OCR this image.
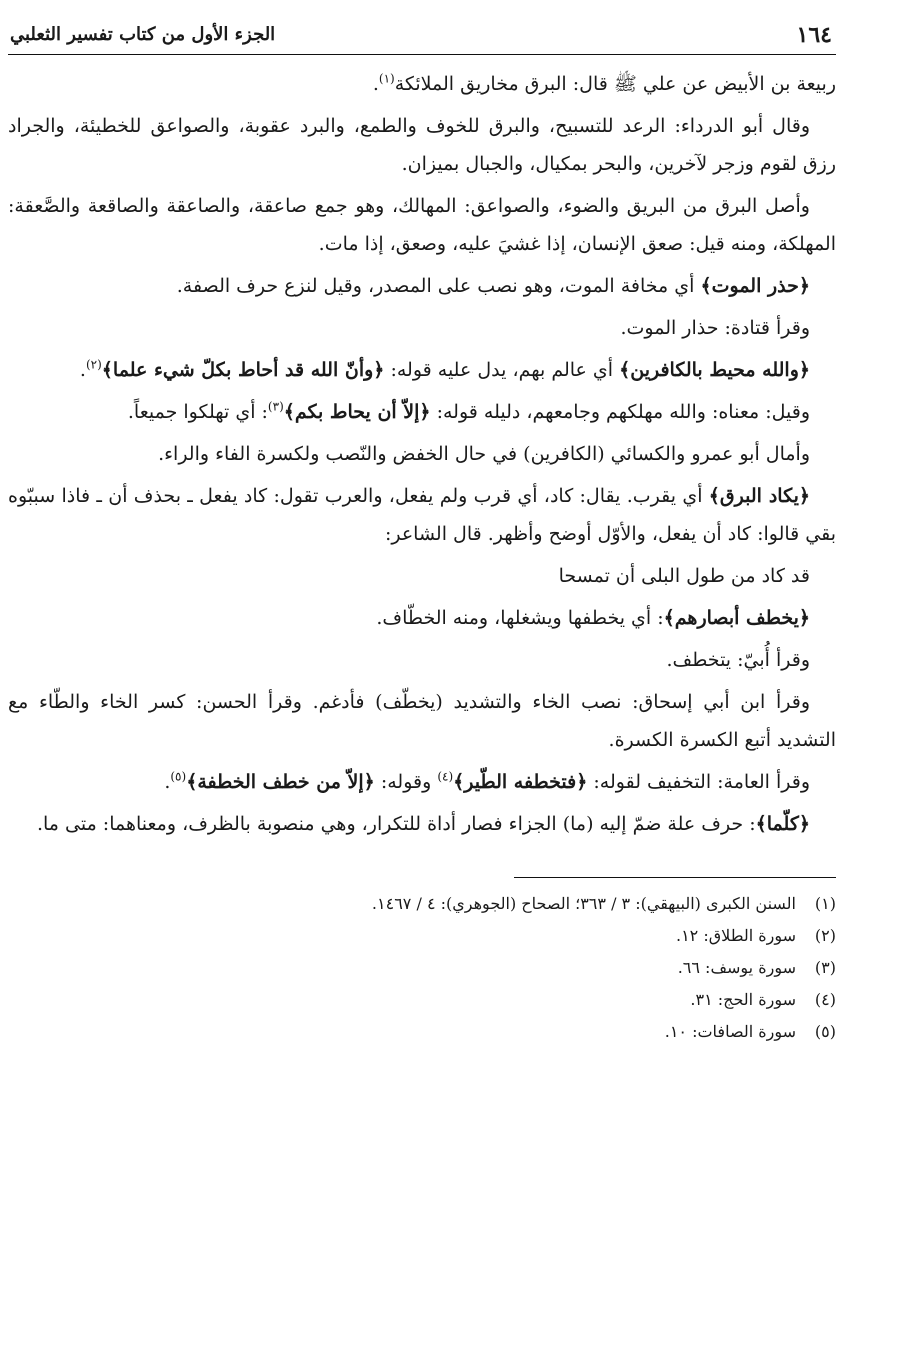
١٦٤
الجزء الأول من كتاب تفسير الثعلبي

ربيعة بن الأبيض عن علي ﷺ قال: البرق مخاريق الملائكة$^{(١)}$.

وقال أبو الدرداء: الرعد للتسبيح، والبرق للخوف والطمع، والبرد عقوبة، والصواعق للخطيئة، والجراد رزق لقوم وزجر لآخرين، والبحر بمكيال، والجبال بميزان.

وأصل البرق من البريق والضوء، والصواعق: المهالك، وهو جمع صاعقة، والصاعقة والصاقعة والصَّعقة: المهلكة، ومنه قيل: صعق الإنسان، إذا غشيَ عليه، وصعق، إذا مات.

﴿حذر الموت﴾ أي مخافة الموت، وهو نصب على المصدر، وقيل لنزع حرف الصفة.

وقرأ قتادة: حذار الموت.

﴿والله محيط بالكافرين﴾ أي عالم بهم، يدل عليه قوله: ﴿وأنّ الله قد أحاط بكلّ شيء علما﴾$^{(٢)}$.

وقيل: معناه: والله مهلكهم وجامعهم، دليله قوله: ﴿إلاّ أن يحاط بكم﴾$^{(٣)}$: أي تهلكوا جميعاً.

وأمال أبو عمرو والكسائي (الكافرين) في حال الخفض والنّصب ولكسرة الفاء والراء.

﴿يكاد البرق﴾ أي يقرب. يقال: كاد، أي قرب ولم يفعل، والعرب تقول: كاد يفعل ـ بحذف أن ـ فاذا سببّوه بقي قالوا: كاد أن يفعل، والأوّل أوضح وأظهر. قال الشاعر:

قد كاد من طول البلى أن تمسحا

﴿يخطف أبصارهم﴾: أي يخطفها ويشغلها، ومنه الخطّاف.

وقرأ أُبيّ: يتخطف.

وقرأ ابن أبي إسحاق: نصب الخاء والتشديد (يخطّف) فأدغم. وقرأ الحسن: كسر الخاء والطّاء مع التشديد أتبع الكسرة الكسرة.

وقرأ العامة: التخفيف لقوله: ﴿فتخطفه الطّير﴾$^{(٤)}$ وقوله: ﴿إلاّ من خطف الخطفة﴾$^{(٥)}$.

﴿كلّما﴾: حرف علة ضمّ إليه (ما) الجزاء فصار أداة للتكرار، وهي منصوبة بالظرف، ومعناهما: متى ما.

(١)السنن الكبرى (البيهقي): ٣ / ٣٦٣؛ الصحاح (الجوهري): ٤ / ١٤٦٧.

(٢)سورة الطلاق: ١٢.

(٣)سورة يوسف: ٦٦.

(٤)سورة الحج: ٣١.

(٥)سورة الصافات: ١٠.
